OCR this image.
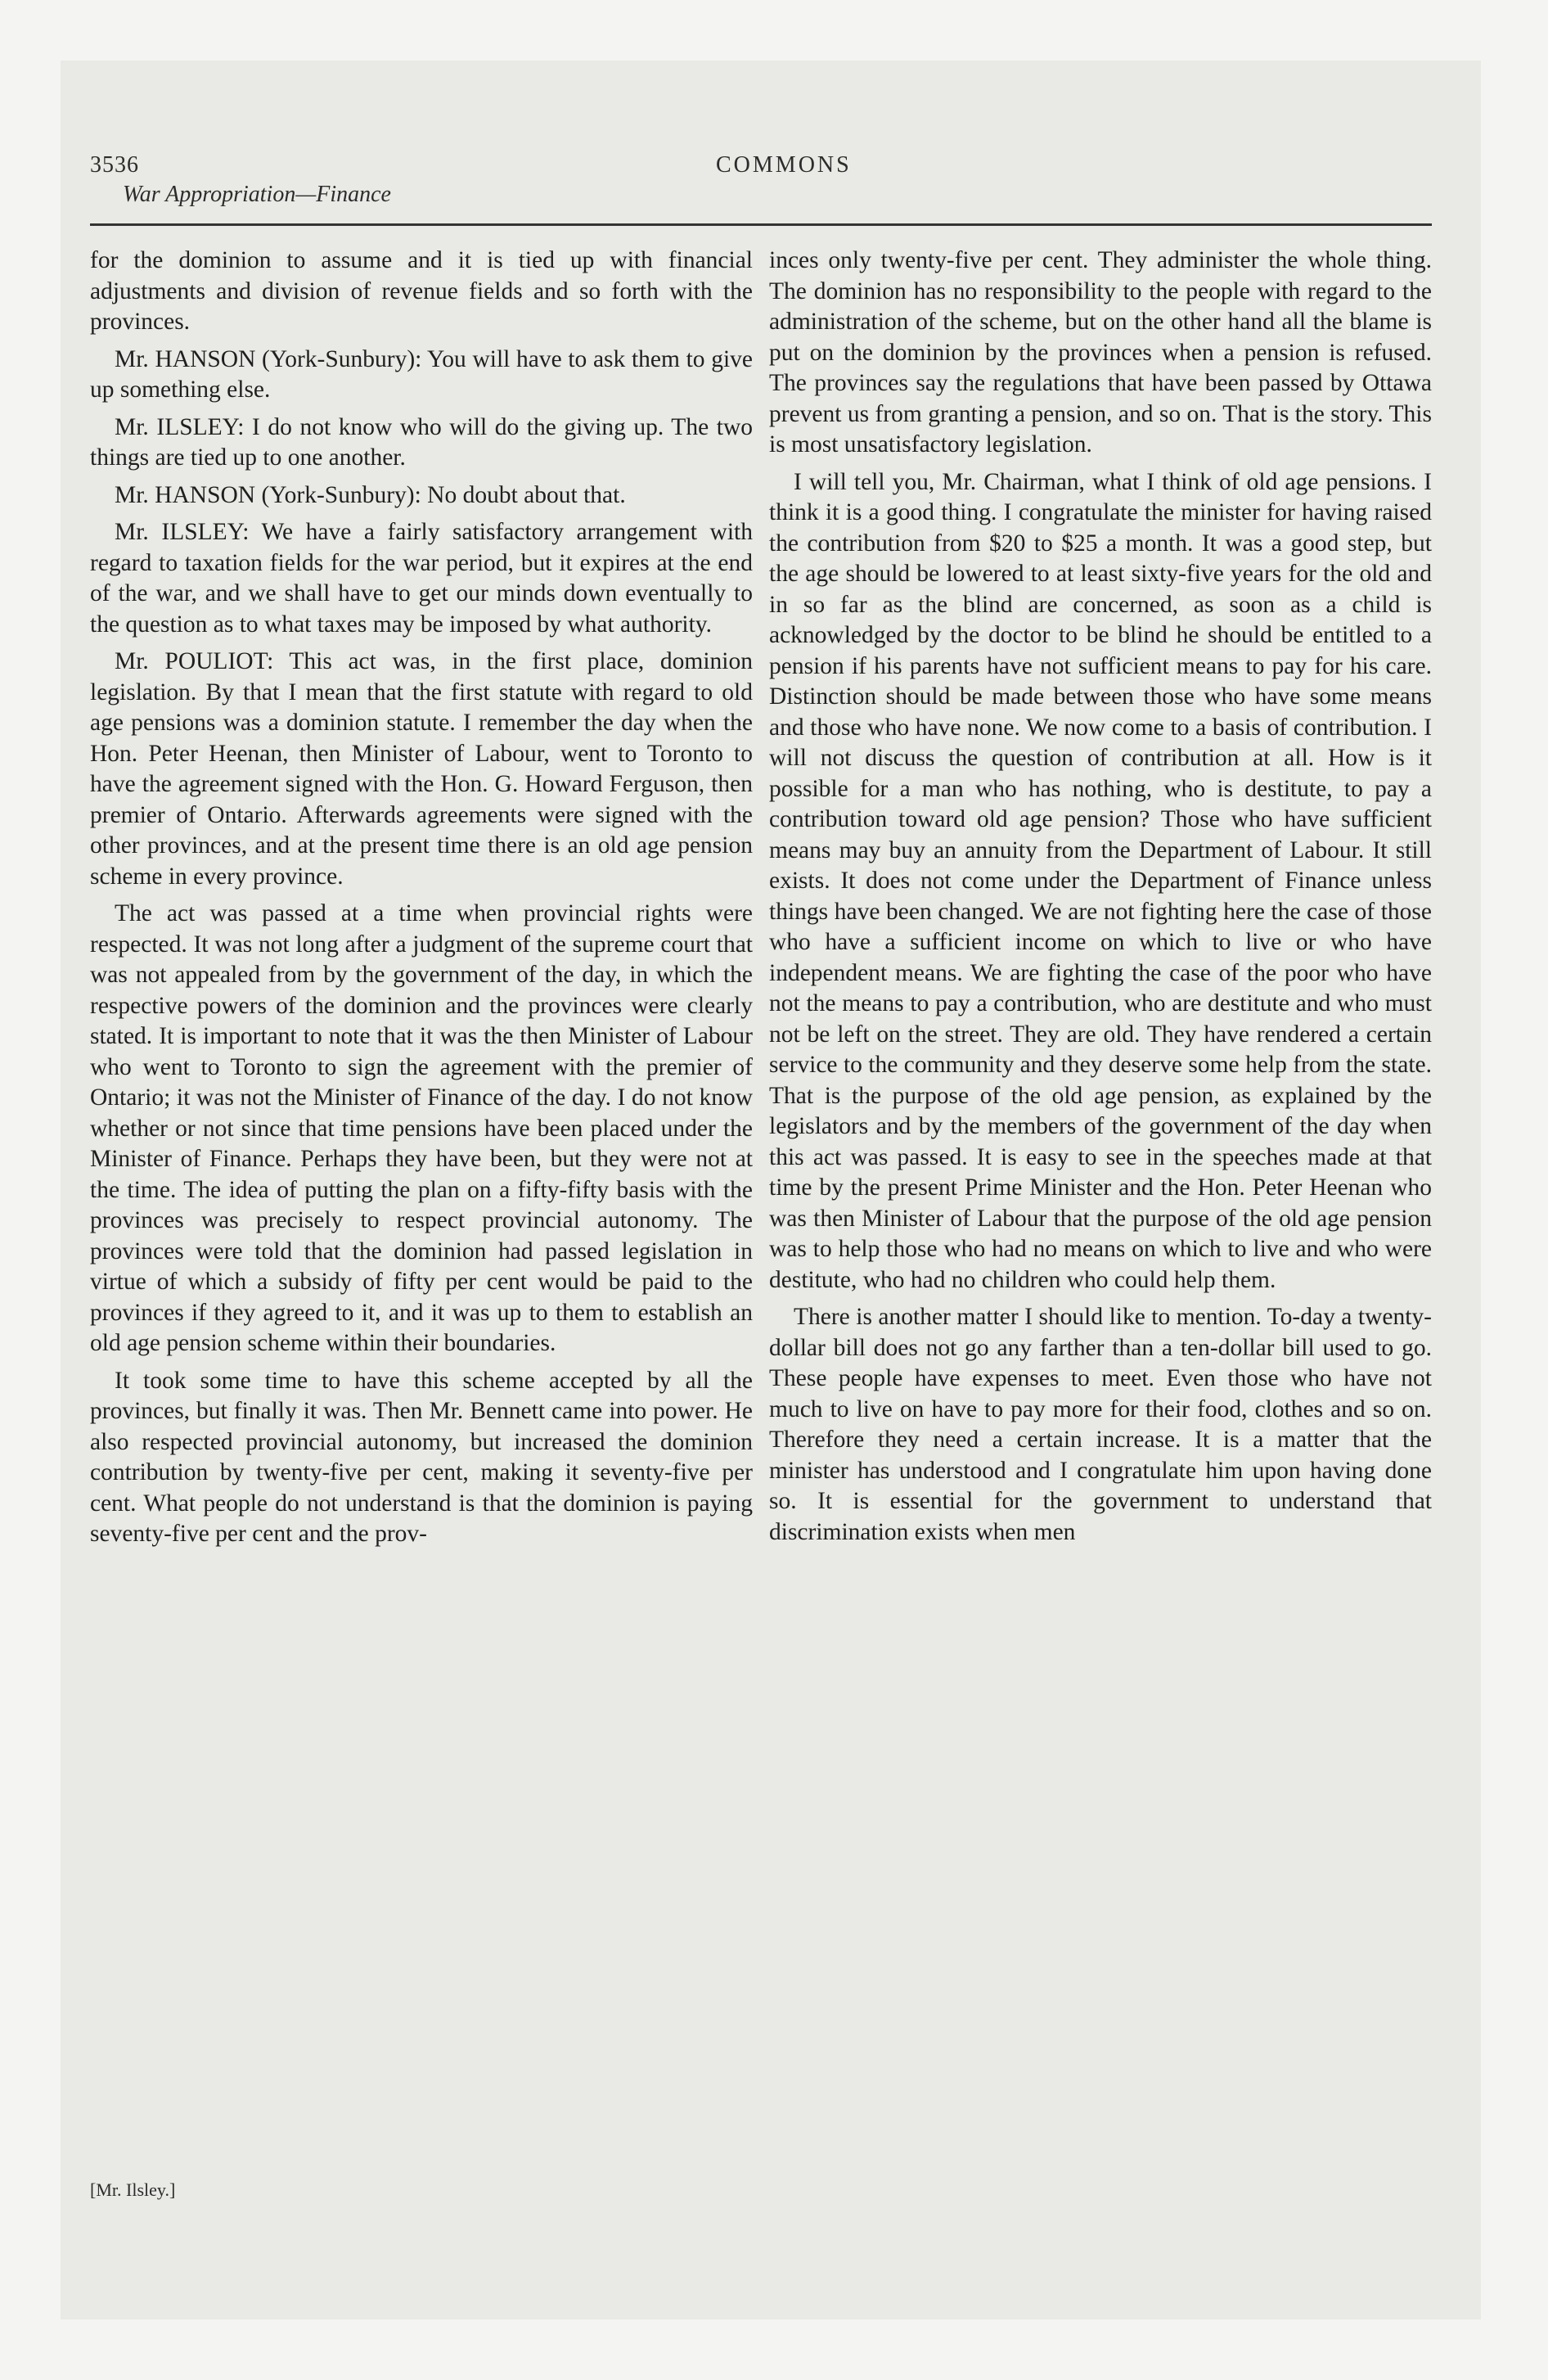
3536	COMMONS
War Appropriation—Finance

for the dominion to assume and it is tied up with financial adjustments and division of revenue fields and so forth with the provinces.

Mr. HANSON (York-Sunbury): You will have to ask them to give up something else.

Mr. ILSLEY: I do not know who will do the giving up. The two things are tied up to one another.

Mr. HANSON (York-Sunbury): No doubt about that.

Mr. ILSLEY: We have a fairly satisfactory arrangement with regard to taxation fields for the war period, but it expires at the end of the war, and we shall have to get our minds down eventually to the question as to what taxes may be imposed by what authority.

Mr. POULIOT: This act was, in the first place, dominion legislation. By that I mean that the first statute with regard to old age pensions was a dominion statute. I remember the day when the Hon. Peter Heenan, then Minister of Labour, went to Toronto to have the agreement signed with the Hon. G. Howard Ferguson, then premier of Ontario. Afterwards agreements were signed with the other provinces, and at the present time there is an old age pension scheme in every province.

The act was passed at a time when provincial rights were respected. It was not long after a judgment of the supreme court that was not appealed from by the government of the day, in which the respective powers of the dominion and the provinces were clearly stated. It is important to note that it was the then Minister of Labour who went to Toronto to sign the agreement with the premier of Ontario; it was not the Minister of Finance of the day. I do not know whether or not since that time pensions have been placed under the Minister of Finance. Perhaps they have been, but they were not at the time. The idea of putting the plan on a fifty-fifty basis with the provinces was precisely to respect provincial autonomy. The provinces were told that the dominion had passed legislation in virtue of which a subsidy of fifty per cent would be paid to the provinces if they agreed to it, and it was up to them to establish an old age pension scheme within their boundaries.

It took some time to have this scheme accepted by all the provinces, but finally it was. Then Mr. Bennett came into power. He also respected provincial autonomy, but increased the dominion contribution by twenty-five per cent, making it seventy-five per cent. What people do not understand is that the dominion is paying seventy-five per cent and the prov-

inces only twenty-five per cent. They administer the whole thing. The dominion has no responsibility to the people with regard to the administration of the scheme, but on the other hand all the blame is put on the dominion by the provinces when a pension is refused. The provinces say the regulations that have been passed by Ottawa prevent us from granting a pension, and so on. That is the story. This is most unsatisfactory legislation.

I will tell you, Mr. Chairman, what I think of old age pensions. I think it is a good thing. I congratulate the minister for having raised the contribution from $20 to $25 a month. It was a good step, but the age should be lowered to at least sixty-five years for the old and in so far as the blind are concerned, as soon as a child is acknowledged by the doctor to be blind he should be entitled to a pension if his parents have not sufficient means to pay for his care. Distinction should be made between those who have some means and those who have none. We now come to a basis of contribution. I will not discuss the question of contribution at all. How is it possible for a man who has nothing, who is destitute, to pay a contribution toward old age pension? Those who have sufficient means may buy an annuity from the Department of Labour. It still exists. It does not come under the Department of Finance unless things have been changed. We are not fighting here the case of those who have a sufficient income on which to live or who have independent means. We are fighting the case of the poor who have not the means to pay a contribution, who are destitute and who must not be left on the street. They are old. They have rendered a certain service to the community and they deserve some help from the state. That is the purpose of the old age pension, as explained by the legislators and by the members of the government of the day when this act was passed. It is easy to see in the speeches made at that time by the present Prime Minister and the Hon. Peter Heenan who was then Minister of Labour that the purpose of the old age pension was to help those who had no means on which to live and who were destitute, who had no children who could help them.

There is another matter I should like to mention. To-day a twenty-dollar bill does not go any farther than a ten-dollar bill used to go. These people have expenses to meet. Even those who have not much to live on have to pay more for their food, clothes and so on. Therefore they need a certain increase. It is a matter that the minister has understood and I congratulate him upon having done so. It is essential for the government to understand that discrimination exists when men

[Mr. Ilsley.]
